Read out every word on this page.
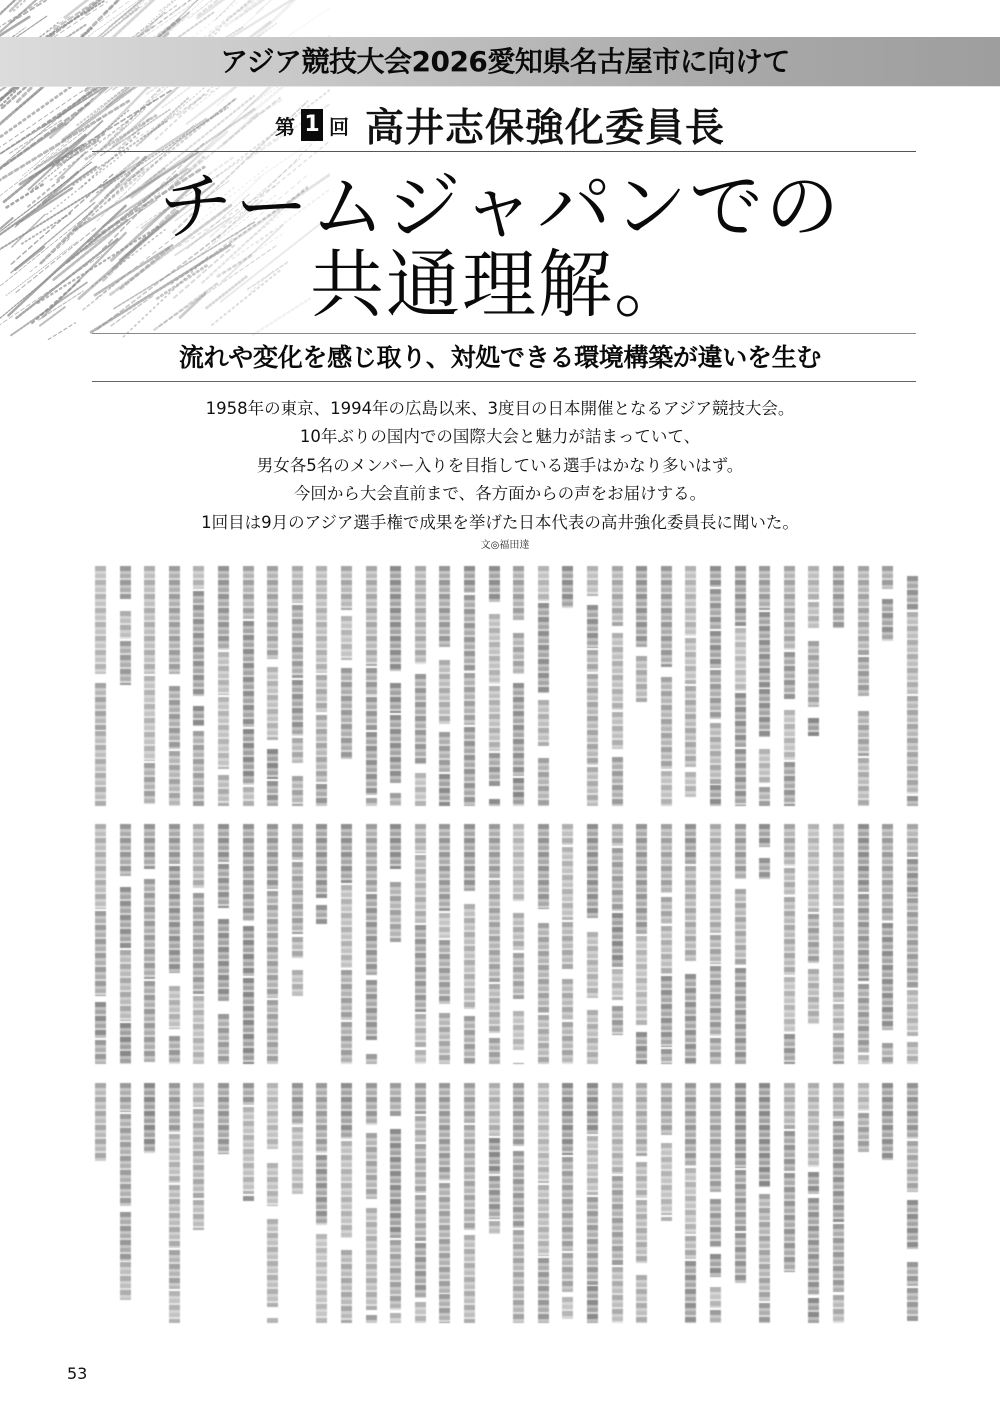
アジア競技大会2026愛知県名古屋市に向けて
第 1 回 高井志保強化委員長
チームジャパンでの
共通理解。
流れや変化を感じ取り、対処できる環境構築が違いを生む
1958年の東京、1994年の広島以来、3度目の日本開催となるアジア競技大会。
10年ぶりの国内での国際大会と魅力が詰まっていて、
男女各5名のメンバー入りを目指している選手はかなり多いはず。
今回から大会直前まで、各方面からの声をお届けする。
1回目は9月のアジア選手権で成果を挙げた日本代表の高井強化委員長に聞いた。
文◎福田達
53
